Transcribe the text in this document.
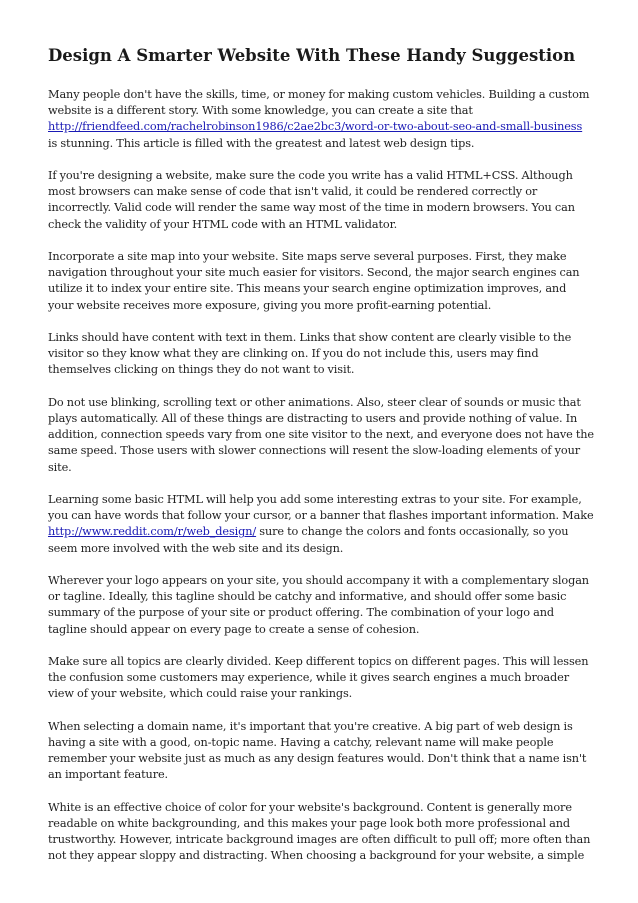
Design A Smarter Website With These Handy Suggestion

Many people don't have the skills, time, or money for making custom vehicles. Building a custom website is a different story. With some knowledge, you can create a site that http://friendfeed.com/rachelrobinson1986/c2ae2bc3/word-or-two-about-seo-and-small-business is stunning. This article is filled with the greatest and latest web design tips.

If you're designing a website, make sure the code you write has a valid HTML+CSS. Although most browsers can make sense of code that isn't valid, it could be rendered correctly or incorrectly. Valid code will render the same way most of the time in modern browsers. You can check the validity of your HTML code with an HTML validator.

Incorporate a site map into your website. Site maps serve several purposes. First, they make navigation throughout your site much easier for visitors. Second, the major search engines can utilize it to index your entire site. This means your search engine optimization improves, and your website receives more exposure, giving you more profit-earning potential.

Links should have content with text in them. Links that show content are clearly visible to the visitor so they know what they are clinking on. If you do not include this, users may find themselves clicking on things they do not want to visit.

Do not use blinking, scrolling text or other animations. Also, steer clear of sounds or music that plays automatically. All of these things are distracting to users and provide nothing of value. In addition, connection speeds vary from one site visitor to the next, and everyone does not have the same speed. Those users with slower connections will resent the slow-loading elements of your site.

Learning some basic HTML will help you add some interesting extras to your site. For example, you can have words that follow your cursor, or a banner that flashes important information. Make http://www.reddit.com/r/web_design/ sure to change the colors and fonts occasionally, so you seem more involved with the web site and its design.

Wherever your logo appears on your site, you should accompany it with a complementary slogan or tagline. Ideally, this tagline should be catchy and informative, and should offer some basic summary of the purpose of your site or product offering. The combination of your logo and tagline should appear on every page to create a sense of cohesion.

Make sure all topics are clearly divided. Keep different topics on different pages. This will lessen the confusion some customers may experience, while it gives search engines a much broader view of your website, which could raise your rankings.

When selecting a domain name, it's important that you're creative. A big part of web design is having a site with a good, on-topic name. Having a catchy, relevant name will make people remember your website just as much as any design features would. Don't think that a name isn't an important feature.

White is an effective choice of color for your website's background. Content is generally more readable on white backgrounding, and this makes your page look both more professional and trustworthy. However, intricate background images are often difficult to pull off; more often than not they appear sloppy and distracting. When choosing a background for your website, a simple
